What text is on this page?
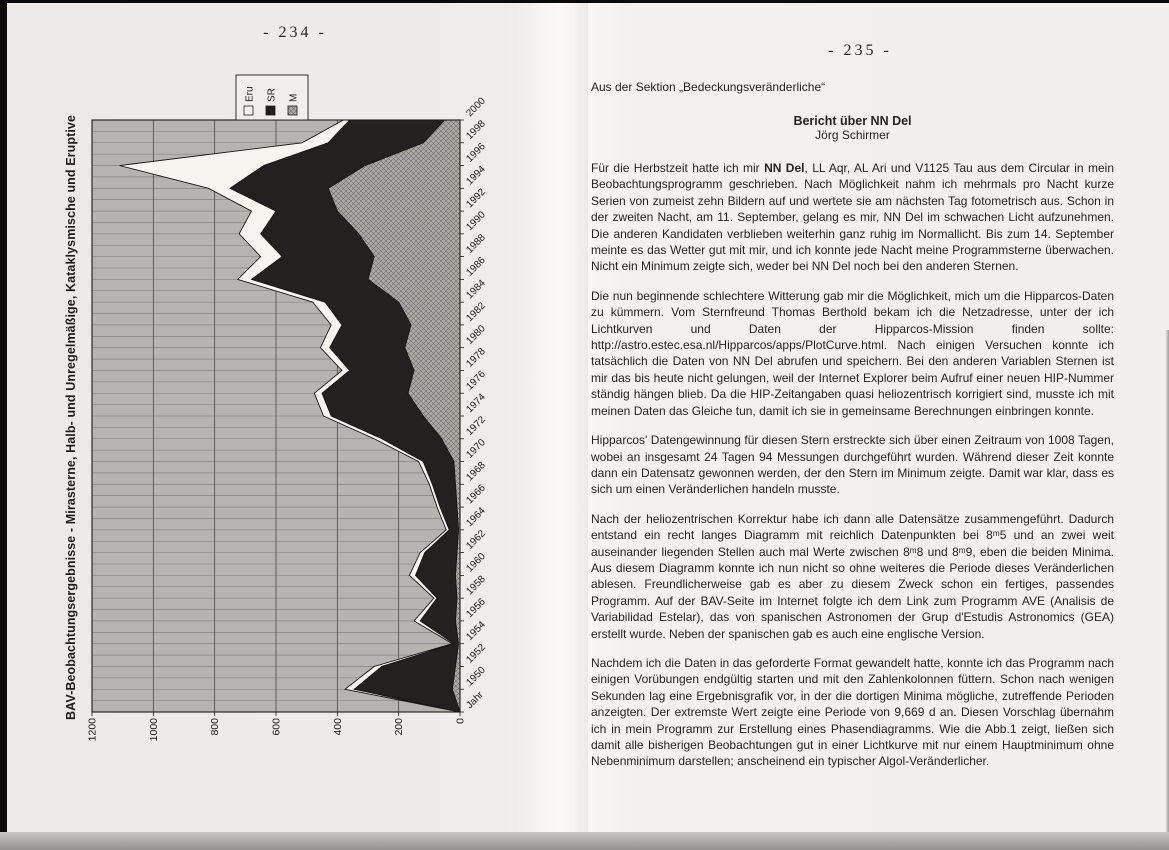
- 234 -
BAV-Beobachtungsergebnisse - Mirasterne, Halb- und Unregelmäßige, Kataklysmische und Eruptive	Jahr
1950
1952
1954
1956
1958
1960
1962
1964
1966
1968
1970
1972
1974
1976
1978
1980
1982
1984
1986
1988
1990
1992
1994
1996
1998
2000
0
200
400
600
800
1000
1200
Eru SR M
- 235 -
Aus der Sektion „Bedeckungsveränderliche“
Bericht über NN Del
Jörg Schirmer

Für die Herbstzeit hatte ich mir NN Del, LL Aqr, AL Ari und V1125 Tau aus dem Circular in mein Beobachtungsprogramm geschrieben. Nach Möglichkeit nahm ich mehrmals pro Nacht kurze Serien von zumeist zehn Bildern auf und wertete sie am nächsten Tag fotometrisch aus. Schon in der zweiten Nacht, am 11. September, gelang es mir, NN Del im schwachen Licht aufzunehmen. Die anderen Kandidaten verblieben weiterhin ganz ruhig im Normallicht. Bis zum 14. September meinte es das Wetter gut mit mir, und ich konnte jede Nacht meine Programmsterne überwachen. Nicht ein Minimum zeigte sich, weder bei NN Del noch bei den anderen Sternen.

Die nun beginnende schlechtere Witterung gab mir die Möglichkeit, mich um die Hipparcos-Daten zu kümmern. Vom Sternfreund Thomas Berthold bekam ich die Netzadresse, unter der ich Lichtkurven und Daten der Hipparcos-Mission finden sollte: http://astro.estec.esa.nl/Hipparcos/apps/PlotCurve.html. Nach einigen Versuchen konnte ich tatsächlich die Daten von NN Del abrufen und speichern. Bei den anderen Variablen Sternen ist mir das bis heute nicht gelungen, weil der Internet Explorer beim Aufruf einer neuen HIP-Nummer ständig hängen blieb. Da die HIP-Zeitangaben quasi heliozentrisch korrigiert sind, musste ich mit meinen Daten das Gleiche tun, damit ich sie in gemeinsame Berechnungen einbringen konnte.

Hipparcos' Datengewinnung für diesen Stern erstreckte sich über einen Zeitraum von 1008 Tagen, wobei an insgesamt 24 Tagen 94 Messungen durchgeführt wurden. Während dieser Zeit konnte dann ein Datensatz gewonnen werden, der den Stern im Minimum zeigte. Damit war klar, dass es sich um einen Veränderlichen handeln musste.

Nach der heliozentrischen Korrektur habe ich dann alle Datensätze zusammengeführt. Dadurch entstand ein recht langes Diagramm mit reichlich Datenpunkten bei 8ᵐ5 und an zwei weit auseinander liegenden Stellen auch mal Werte zwischen 8ᵐ8 und 8ᵐ9, eben die beiden Minima. Aus diesem Diagramm konnte ich nun nicht so ohne weiteres die Periode dieses Veränderlichen ablesen. Freundlicherweise gab es aber zu diesem Zweck schon ein fertiges, passendes Programm. Auf der BAV-Seite im Internet folgte ich dem Link zum Programm AVE (Analisis de Variabilidad Estelar), das von spanischen Astronomen der Grup d'Estudis Astronomics (GEA) erstellt wurde. Neben der spanischen gab es auch eine englische Version.

Nachdem ich die Daten in das geforderte Format gewandelt hatte, konnte ich das Programm nach einigen Vorübungen endgültig starten und mit den Zahlenkolonnen füttern. Schon nach wenigen Sekunden lag eine Ergebnisgrafik vor, in der die dortigen Minima mögliche, zutreffende Perioden anzeigten. Der extremste Wert zeigte eine Periode von 9,669 d an. Diesen Vorschlag übernahm ich in mein Programm zur Erstellung eines Phasendiagramms. Wie die Abb.1 zeigt, ließen sich damit alle bisherigen Beobachtungen gut in einer Lichtkurve mit nur einem Hauptminimum ohne Nebenminimum darstellen; anscheinend ein typischer Algol-Veränderlicher.
